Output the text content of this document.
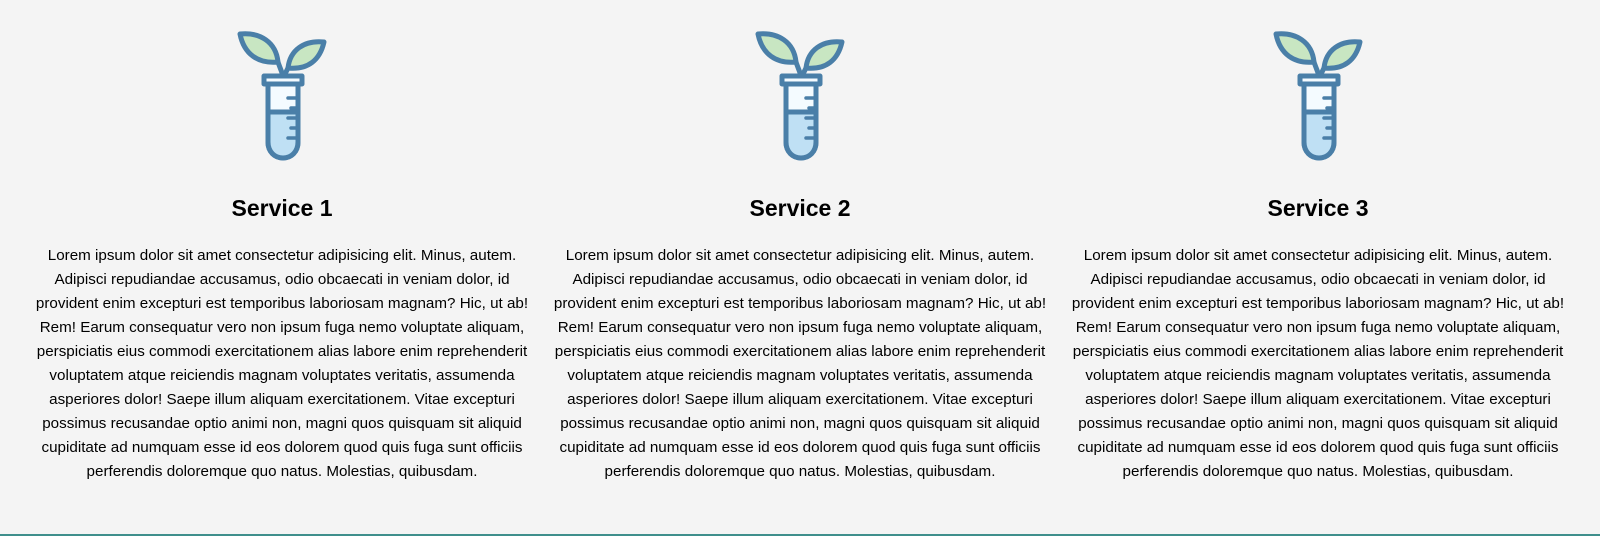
Service 1

Lorem ipsum dolor sit amet consectetur adipisicing elit. Minus, autem. Adipisci repudiandae accusamus, odio obcaecati in veniam dolor, id provident enim excepturi est temporibus laboriosam magnam? Hic, ut ab! Rem! Earum consequatur vero non ipsum fuga nemo voluptate aliquam, perspiciatis eius commodi exercitationem alias labore enim reprehenderit voluptatem atque reiciendis magnam voluptates veritatis, assumenda asperiores dolor! Saepe illum aliquam exercitationem. Vitae excepturi possimus recusandae optio animi non, magni quos quisquam sit aliquid cupiditate ad numquam esse id eos dolorem quod quis fuga sunt officiis perferendis doloremque quo natus. Molestias, quibusdam.

Service 2

Lorem ipsum dolor sit amet consectetur adipisicing elit. Minus, autem. Adipisci repudiandae accusamus, odio obcaecati in veniam dolor, id provident enim excepturi est temporibus laboriosam magnam? Hic, ut ab! Rem! Earum consequatur vero non ipsum fuga nemo voluptate aliquam, perspiciatis eius commodi exercitationem alias labore enim reprehenderit voluptatem atque reiciendis magnam voluptates veritatis, assumenda asperiores dolor! Saepe illum aliquam exercitationem. Vitae excepturi possimus recusandae optio animi non, magni quos quisquam sit aliquid cupiditate ad numquam esse id eos dolorem quod quis fuga sunt officiis perferendis doloremque quo natus. Molestias, quibusdam.

Service 3

Lorem ipsum dolor sit amet consectetur adipisicing elit. Minus, autem. Adipisci repudiandae accusamus, odio obcaecati in veniam dolor, id provident enim excepturi est temporibus laboriosam magnam? Hic, ut ab! Rem! Earum consequatur vero non ipsum fuga nemo voluptate aliquam, perspiciatis eius commodi exercitationem alias labore enim reprehenderit voluptatem atque reiciendis magnam voluptates veritatis, assumenda asperiores dolor! Saepe illum aliquam exercitationem. Vitae excepturi possimus recusandae optio animi non, magni quos quisquam sit aliquid cupiditate ad numquam esse id eos dolorem quod quis fuga sunt officiis perferendis doloremque quo natus. Molestias, quibusdam.
